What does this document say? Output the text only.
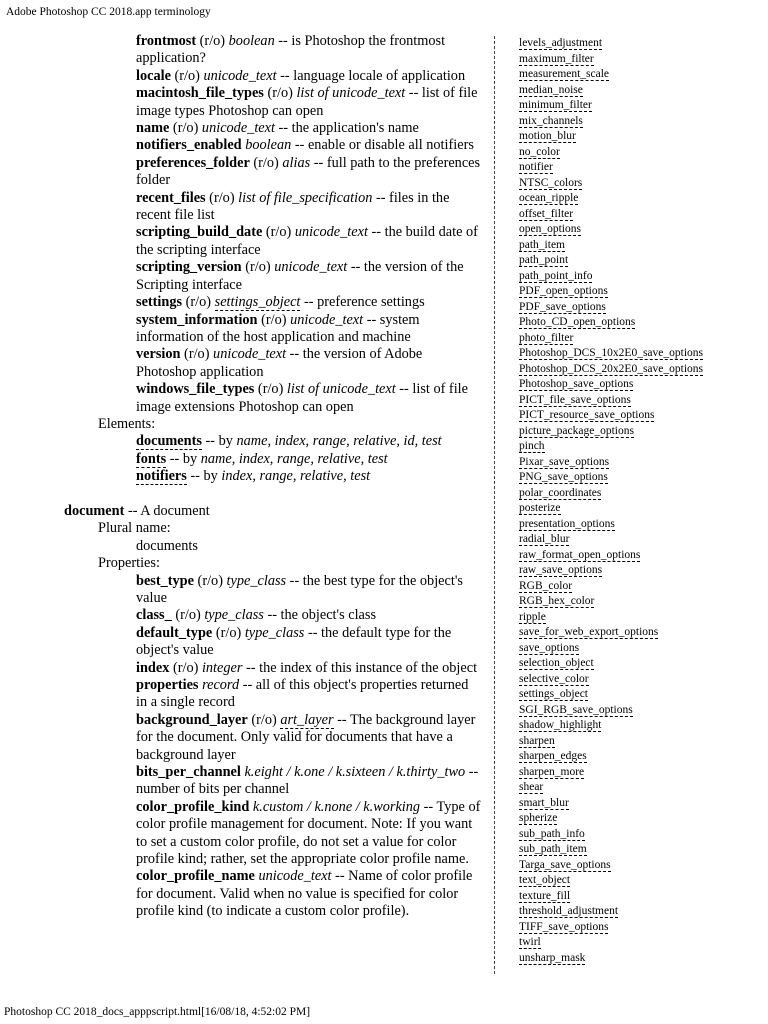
Adobe Photoshop CC 2018.app terminology

frontmost (r/o) boolean -- is Photoshop the frontmost application?

locale (r/o) unicode_text -- language locale of application

macintosh_file_types (r/o) list of unicode_text -- list of file image types Photoshop can open

name (r/o) unicode_text -- the application's name

notifiers_enabled boolean -- enable or disable all notifiers

preferences_folder (r/o) alias -- full path to the preferences folder

recent_files (r/o) list of file_specification -- files in the recent file list

scripting_build_date (r/o) unicode_text -- the build date of the scripting interface

scripting_version (r/o) unicode_text -- the version of the Scripting interface

settings (r/o) settings_object -- preference settings

system_information (r/o) unicode_text -- system information of the host application and machine

version (r/o) unicode_text -- the version of Adobe Photoshop application

windows_file_types (r/o) list of unicode_text -- list of file image extensions Photoshop can open

Elements:

documents -- by name, index, range, relative, id, test

fonts -- by name, index, range, relative, test

notifiers -- by index, range, relative, test

document -- A document

Plural name:

documents

Properties:

best_type (r/o) type_class -- the best type for the object's value

class_ (r/o) type_class -- the object's class

default_type (r/o) type_class -- the default type for the object's value

index (r/o) integer -- the index of this instance of the object

properties record -- all of this object's properties returned in a single record

background_layer (r/o) art_layer -- The background layer for the document. Only valid for documents that have a background layer

bits_per_channel k.eight / k.one / k.sixteen / k.thirty_two -- number of bits per channel

color_profile_kind k.custom / k.none / k.working -- Type of color profile management for document. Note: If you want to set a custom color profile, do not set a value for color profile kind; rather, set the appropriate color profile name.

color_profile_name unicode_text -- Name of color profile for document. Valid when no value is specified for color profile kind (to indicate a custom color profile).

levels_adjustment
maximum_filter
measurement_scale
median_noise
minimum_filter
mix_channels
motion_blur
no_color
notifier
NTSC_colors
ocean_ripple
offset_filter
open_options
path_item
path_point
path_point_info
PDF_open_options
PDF_save_options
Photo_CD_open_options
photo_filter
Photoshop_DCS_10x2E0_save_options
Photoshop_DCS_20x2E0_save_options
Photoshop_save_options
PICT_file_save_options
PICT_resource_save_options
picture_package_options
pinch
Pixar_save_options
PNG_save_options
polar_coordinates
posterize
presentation_options
radial_blur
raw_format_open_options
raw_save_options
RGB_color
RGB_hex_color
ripple
save_for_web_export_options
save_options
selection_object
selective_color
settings_object
SGI_RGB_save_options
shadow_highlight
sharpen
sharpen_edges
sharpen_more
shear
smart_blur
spherize
sub_path_info
sub_path_item
Targa_save_options
text_object
texture_fill
threshold_adjustment
TIFF_save_options
twirl
unsharp_mask
Photoshop CC 2018_docs_apppscript.html[16/08/18, 4:52:02 PM]
